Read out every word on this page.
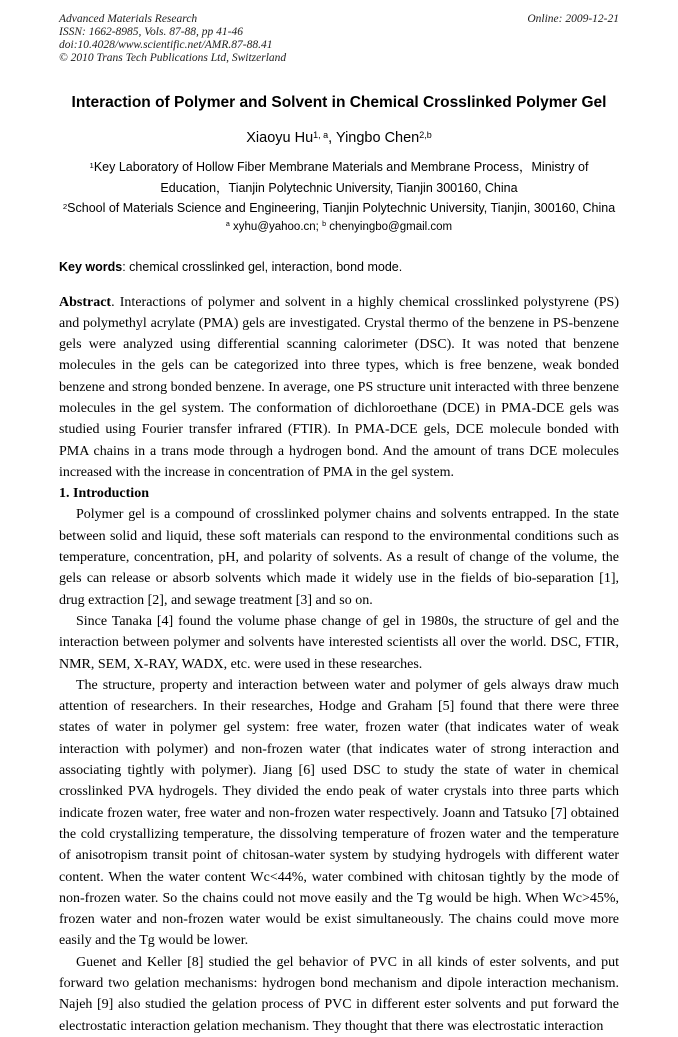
Advanced Materials Research
ISSN: 1662-8985, Vols. 87-88, pp 41-46
doi:10.4028/www.scientific.net/AMR.87-88.41
© 2010 Trans Tech Publications Ltd, Switzerland
Online: 2009-12-21
Interaction of Polymer and Solvent in Chemical Crosslinked Polymer Gel

Xiaoyu Hu$^{1, a}$, Yingbo Chen$^{2,b}$

$^1$Key Laboratory of Hollow Fiber Membrane Materials and Membrane Process，Ministry of Education，Tianjin Polytechnic University, Tianjin 300160, China

$^2$School of Materials Science and Engineering, Tianjin Polytechnic University, Tianjin, 300160, China

$^a$ xyhu@yahoo.cn; $^b$ chenyingbo@gmail.com

Key words: chemical crosslinked gel, interaction, bond mode.

Abstract. Interactions of polymer and solvent in a highly chemical crosslinked polystyrene (PS) and polymethyl acrylate (PMA) gels are investigated. Crystal thermo of the benzene in PS-benzene gels were analyzed using differential scanning calorimeter (DSC). It was noted that benzene molecules in the gels can be categorized into three types, which is free benzene, weak bonded benzene and strong bonded benzene. In average, one PS structure unit interacted with three benzene molecules in the gel system. The conformation of dichloroethane (DCE) in PMA-DCE gels was studied using Fourier transfer infrared (FTIR). In PMA-DCE gels, DCE molecule bonded with PMA chains in a trans mode through a hydrogen bond. And the amount of trans DCE molecules increased with the increase in concentration of PMA in the gel system.

1. Introduction

Polymer gel is a compound of crosslinked polymer chains and solvents entrapped. In the state between solid and liquid, these soft materials can respond to the environmental conditions such as temperature, concentration, pH, and polarity of solvents. As a result of change of the volume, the gels can release or absorb solvents which made it widely use in the fields of bio-separation [1], drug extraction [2], and sewage treatment [3] and so on.

Since Tanaka [4] found the volume phase change of gel in 1980s, the structure of gel and the interaction between polymer and solvents have interested scientists all over the world. DSC, FTIR, NMR, SEM, X-RAY, WADX, etc. were used in these researches.

The structure, property and interaction between water and polymer of gels always draw much attention of researchers. In their researches, Hodge and Graham [5] found that there were three states of water in polymer gel system: free water, frozen water (that indicates water of weak interaction with polymer) and non-frozen water (that indicates water of strong interaction and associating tightly with polymer). Jiang [6] used DSC to study the state of water in chemical crosslinked PVA hydrogels. They divided the endo peak of water crystals into three parts which indicate frozen water, free water and non-frozen water respectively. Joann and Tatsuko [7] obtained the cold crystallizing temperature, the dissolving temperature of frozen water and the temperature of anisotropism transit point of chitosan-water system by studying hydrogels with different water content. When the water content Wc<44%, water combined with chitosan tightly by the mode of non-frozen water. So the chains could not move easily and the Tg would be high. When Wc>45%, frozen water and non-frozen water would be exist simultaneously. The chains could move more easily and the Tg would be lower.

Guenet and Keller [8] studied the gel behavior of PVC in all kinds of ester solvents, and put forward two gelation mechanisms: hydrogen bond mechanism and dipole interaction mechanism. Najeh [9] also studied the gelation process of PVC in different ester solvents and put forward the electrostatic interaction gelation mechanism. They thought that there was electrostatic interaction
